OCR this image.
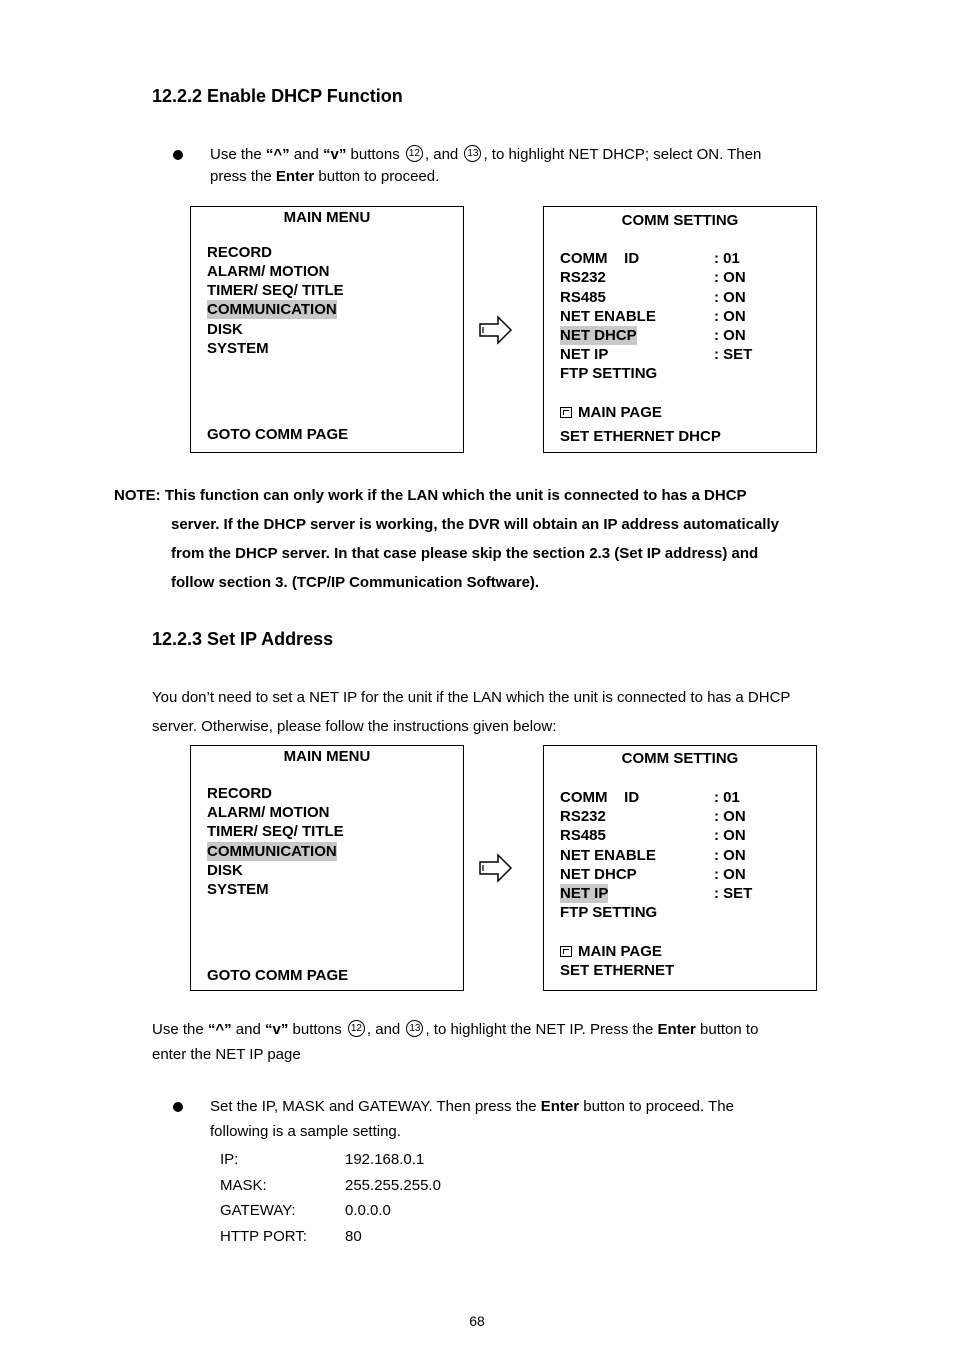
12.2.2 Enable DHCP Function
Use the “^” and “v” buttons 12 , and 13 , to highlight NET DHCP; select ON. Then
press the Enter button to proceed.
MAIN MENU
RECORD
ALARM/ MOTION
TIMER/ SEQ/ TITLE
COMMUNICATION
DISK
SYSTEM
GOTO COMM PAGE
COMM SETTING
COMM    ID	: 01
RS232	: ON
RS485	: ON
NET ENABLE	: ON
NET DHCP	: ON
NET IP	: SET
FTP SETTING
MAIN PAGE
SET ETHERNET DHCP
NOTE: This function can only work if the LAN which the unit is connected to has a DHCP
server. If the DHCP server is working, the DVR will obtain an IP address automatically
from the DHCP server. In that case please skip the section 2.3 (Set IP address) and
follow section 3. (TCP/IP Communication Software).
12.2.3 Set IP Address
You don’t need to set a NET IP for the unit if the LAN which the unit is connected to has a DHCP
server. Otherwise, please follow the instructions given below:
MAIN MENU
RECORD
ALARM/ MOTION
TIMER/ SEQ/ TITLE
COMMUNICATION
DISK
SYSTEM
GOTO COMM PAGE
COMM SETTING
COMM    ID	: 01
RS232	: ON
RS485	: ON
NET ENABLE	: ON
NET DHCP	: ON
NET IP	: SET
FTP SETTING
MAIN PAGE
SET ETHERNET
Use the “^” and “v” buttons 12 , and 13 , to highlight the NET IP. Press the Enter button to
enter the NET IP page
Set the IP, MASK and GATEWAY. Then press the Enter button to proceed. The
following is a sample setting.
IP:	192.168.0.1
MASK:	255.255.255.0
GATEWAY:	0.0.0.0
HTTP PORT:	80
68
